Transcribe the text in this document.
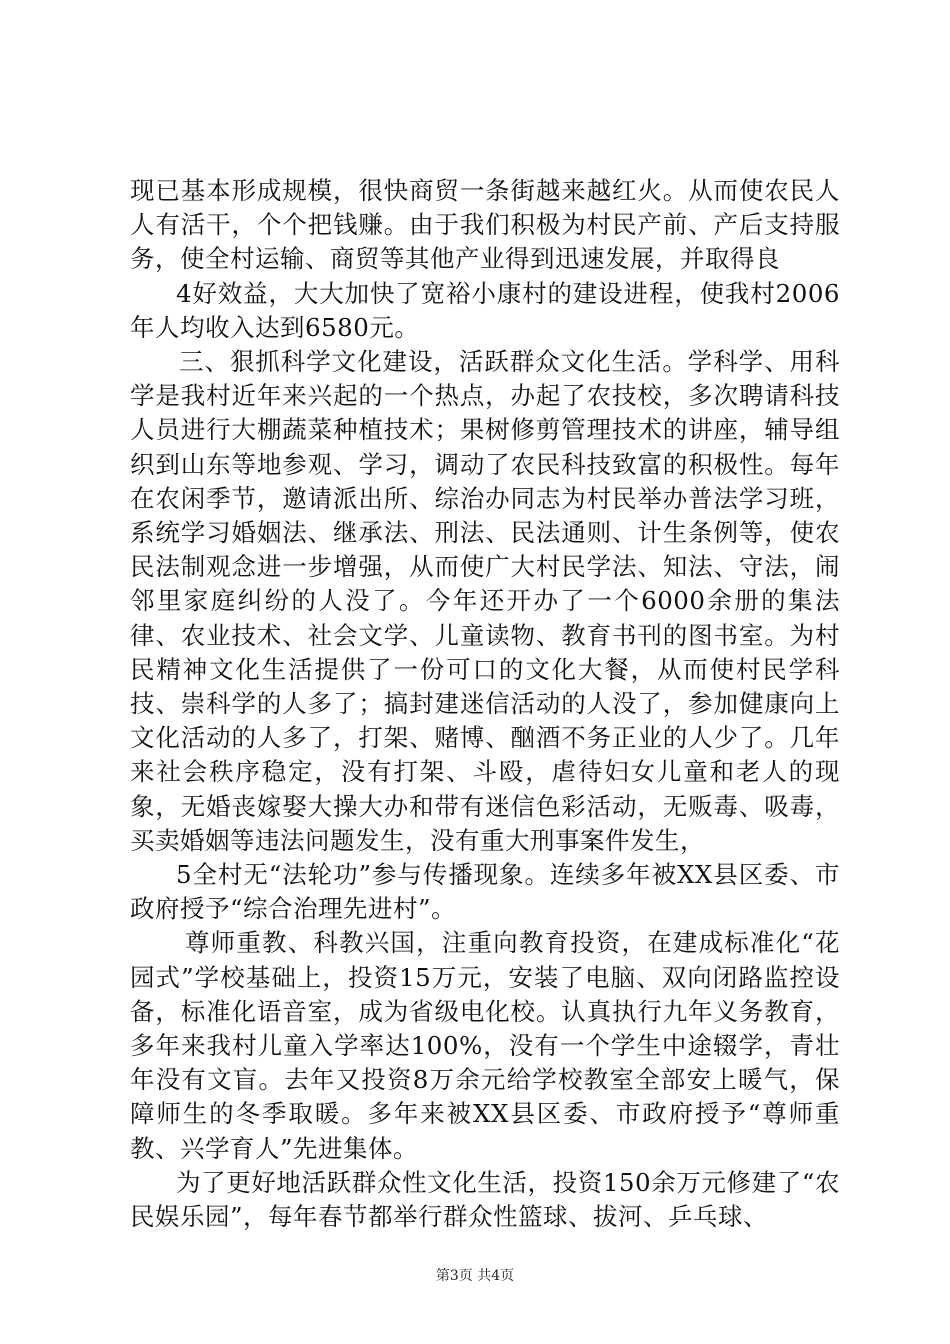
现已基本形成规模，很快商贸一条街越来越红火。从而使农民人人有活干，个个把钱赚。由于我们积极为村民产前、产后支持服务，使全村运输、商贸等其他产业得到迅速发展，并取得良

4好效益，大大加快了宽裕小康村的建设进程，使我村2006年人均收入达到6580元。

三、狠抓科学文化建设，活跃群众文化生活。学科学、用科学是我村近年来兴起的一个热点，办起了农技校，多次聘请科技人员进行大棚蔬菜种植技术；果树修剪管理技术的讲座，辅导组织到山东等地参观、学习，调动了农民科技致富的积极性。每年在农闲季节，邀请派出所、综治办同志为村民举办普法学习班，系统学习婚姻法、继承法、刑法、民法通则、计生条例等，使农民法制观念进一步增强，从而使广大村民学法、知法、守法，闹邻里家庭纠纷的人没了。今年还开办了一个6000余册的集法律、农业技术、社会文学、儿童读物、教育书刊的图书室。为村民精神文化生活提供了一份可口的文化大餐，从而使村民学科技、崇科学的人多了；搞封建迷信活动的人没了，参加健康向上文化活动的人多了，打架、赌博、酗酒不务正业的人少了。几年来社会秩序稳定，没有打架、斗殴，虐待妇女儿童和老人的现象，无婚丧嫁娶大操大办和带有迷信色彩活动，无贩毒、吸毒，买卖婚姻等违法问题发生，没有重大刑事案件发生，

5全村无“法轮功”参与传播现象。连续多年被XX县区委、市政府授予“综合治理先进村”。

尊师重教、科教兴国，注重向教育投资，在建成标准化“花园式”学校基础上，投资15万元，安装了电脑、双向闭路监控设备，标准化语音室，成为省级电化校。认真执行九年义务教育，多年来我村儿童入学率达100%，没有一个学生中途辍学，青壮年没有文盲。去年又投资8万余元给学校教室全部安上暖气，保障师生的冬季取暖。多年来被XX县区委、市政府授予“尊师重教、兴学育人”先进集体。

为了更好地活跃群众性文化生活，投资150余万元修建了“农民娱乐园”，每年春节都举行群众性篮球、拔河、乒乓球、

第3页 共4页
